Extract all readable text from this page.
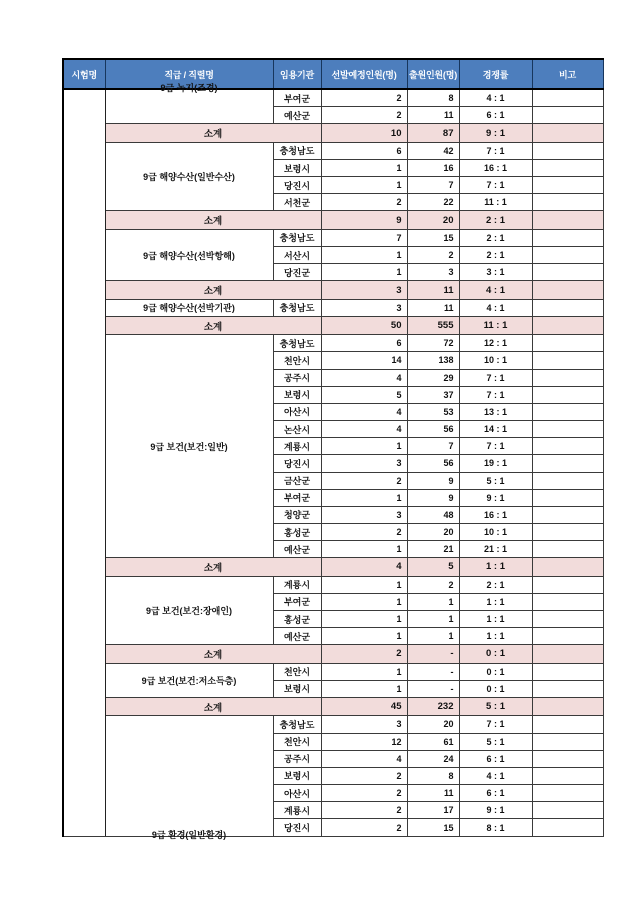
시험명	직급 / 직렬명	임용기관	선발예정인원(명)	출원인원(명)	경쟁률	비고

	9급 녹지(조경)	부여군	2	8	4 : 1	
		예산군	2	11	6 : 1	
	소계		10	87	9 : 1	
	9급 해양수산(일반수산)	충청남도	6	42	7 : 1	
		보령시	1	16	16 : 1	
		당진시	1	7	7 : 1	
		서천군	2	22	11 : 1	
	소계		9	20	2 : 1	
	9급 해양수산(선박항해)	충청남도	7	15	2 : 1	
		서산시	1	2	2 : 1	
		당진군	1	3	3 : 1	
	소계		3	11	4 : 1	
	9급 해양수산(선박기관)	충청남도	3	11	4 : 1	
	소계		50	555	11 : 1	
	9급 보건(보건:일반)	충청남도	6	72	12 : 1	
		천안시	14	138	10 : 1	
		공주시	4	29	7 : 1	
		보령시	5	37	7 : 1	
		아산시	4	53	13 : 1	
		논산시	4	56	14 : 1	
		계룡시	1	7	7 : 1	
		당진시	3	56	19 : 1	
		금산군	2	9	5 : 1	
		부여군	1	9	9 : 1	
		청양군	3	48	16 : 1	
		홍성군	2	20	10 : 1	
		예산군	1	21	21 : 1	
	소계		4	5	1 : 1	
	9급 보건(보건:장애인)	계룡시	1	2	2 : 1	
		부여군	1	1	1 : 1	
		홍성군	1	1	1 : 1	
		예산군	1	1	1 : 1	
	소계		2	-	0 : 1	
	9급 보건(보건:저소득층)	천안시	1	-	0 : 1	
		보령시	1	-	0 : 1	
	소계		45	232	5 : 1	

	9급 환경(일반환경)	충청남도	3	20	7 : 1	
		천안시	12	61	5 : 1	
		공주시	4	24	6 : 1	
		보령시	2	8	4 : 1	
		아산시	2	11	6 : 1	
		계룡시	2	17	9 : 1	
		당진시	2	15	8 : 1	
